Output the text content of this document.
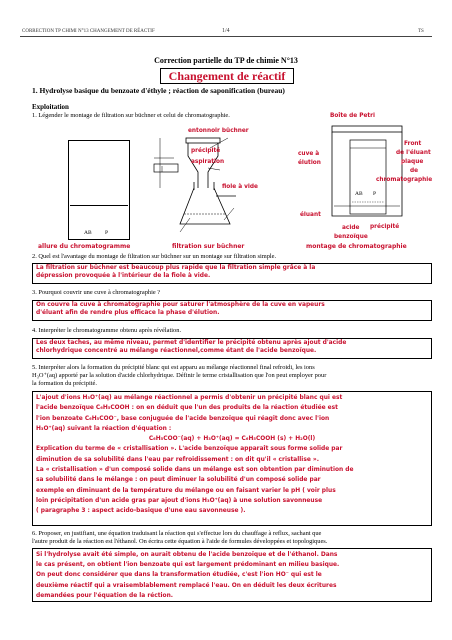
CORRECTION TP CHIMI N°13 CHANGEMENT DE RÉACTIF	1/4	TS
Correction partielle du TP de chimie N°13
Changement de réactif
1. Hydrolyse basique du benzoate d'éthyle ; réaction de saponification (bureau)
Exploitation
1. Légender le montage de filtration sur büchner et celui de chromatographie.
AB P
entonnoir büchner
précipité
aspiration
fiole à vide
Boîte de Petri
cuve à
élution
Front
de l'éluant
plaque
de
chromatographie
AB P
éluant
acide
benzoïque
précipité
allure du chromatogramme	filtration sur büchner	montage de chromatographie
2. Quel est l'avantage du montage de filtration sur büchner sur un montage sur filtration simple.

La filtration sur büchner est beaucoup plus rapide que la filtration simple grâce à la

dépression provoquée à l'intérieur de la fiole à vide.

3. Pourquoi couvrir une cuve à chromatographie ?

On couvre la cuve à chromatographie pour saturer l'atmosphère de la cuve en vapeurs

d'éluant afin de rendre plus efficace la phase d'élution.

4. Interpréter le chromatogramme obtenu après révélation.

Les deux taches, au même niveau, permet d'identifier le précipité obtenu après ajout d'acide

chlorhydrique concentré au mélange réactionnel,comme étant de l'acide benzoïque.

5. Interpréter alors la formation du précipité blanc qui est apparu au mélange réactionnel final refroidi, les ions
H₃O⁺(aq) apporté par la solution d'acide chlorhydrique. Définir le terme cristallisation que l'on peut employer pour
la formation du précipité.

L'ajout d'ions H₃O⁺(aq) au mélange réactionnel a permis d'obtenir un précipité blanc qui est

l'acide benzoïque C₆H₅COOH : on en déduit que l'un des produits de la réaction étudiée est

l'ion benzoate C₆H₅COO⁻, base conjuguée de l'acide benzoïque qui réagit donc avec l'ion

H₃O⁺(aq) suivant la réaction d'équation :

C₆H₅COO⁻(aq) + H₃O⁺(aq) = C₆H₅COOH (s) + H₂O(l)

Explication du terme de « cristallisation ». L'acide benzoïque apparaît sous forme solide par

diminution de sa solubilité dans l'eau par refroidissement : on dit qu'il « cristallise ».

La « cristallisation » d'un composé solide dans un mélange est son obtention par diminution de

sa solubilité dans le mélange : on peut diminuer la solubilité d'un composé solide par

exemple en diminuant de la température du mélange ou en faisant varier le pH ( voir plus

loin précipitation d'un acide gras par ajout d'ions H₃O⁺(aq) à une solution savonneuse

( paragraphe 3 : aspect acido-basique d'une eau savonneuse ).

6. Proposer, en justifiant, une équation traduisant la réaction qui s'effectue lors du chauffage à reflux, sachant que
l'autre produit de la réaction est l'éthanol. On écrira cette équation à l'aide de formules développées et topologiques.

Si l'hydrolyse avait été simple, on aurait obtenu de l'acide benzoïque et de l'éthanol. Dans

le cas présent, on obtient l'ion benzoate qui est largement prédominant en milieu basique.

On peut donc considérer que dans la transformation étudiée, c'est l'ion HO⁻ qui est le

deuxième réactif qui a vraisemblablement remplacé l'eau. On en déduit les deux écritures

demandées pour l'équation de la réction.
